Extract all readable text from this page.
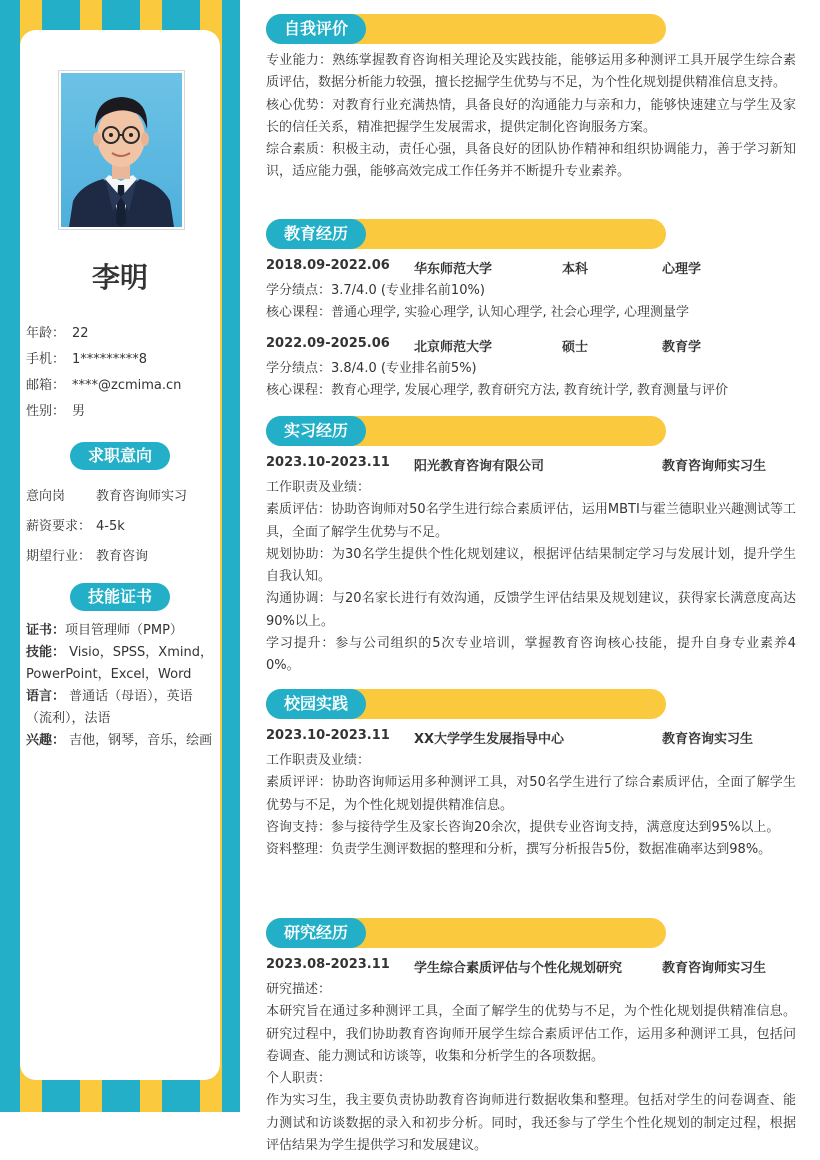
李明
年龄： 22
手机： 1*********8
邮箱： ****@zcmima.cn
性别： 男
求职意向
意向岗 教育咨询师实习
薪资要求： 4-5k
期望行业： 教育咨询
技能证书
证书：项目管理师（PMP）
技能： Visio，SPSS，Xmind，PowerPoint，Excel，Word
语言： 普通话（母语），英语（流利），法语
兴趣： 吉他，钢琴，音乐，绘画
自我评价

专业能力：熟练掌握教育咨询相关理论及实践技能，能够运用多种测评工具开展学生综合素质评估，数据分析能力较强，擅长挖掘学生优势与不足，为个性化规划提供精准信息支持。

核心优势：对教育行业充满热情，具备良好的沟通能力与亲和力，能够快速建立与学生及家长的信任关系，精准把握学生发展需求，提供定制化咨询服务方案。

综合素质：积极主动，责任心强，具备良好的团队协作精神和组织协调能力，善于学习新知识，适应能力强，能够高效完成工作任务并不断提升专业素养。

教育经历
2018.09-2022.06 华东师范大学	本科	心理学

学分绩点：3.7/4.0 (专业排名前10%)

核心课程：普通心理学, 实验心理学, 认知心理学, 社会心理学, 心理测量学

2022.09-2025.06 北京师范大学	硕士	教育学

学分绩点：3.8/4.0 (专业排名前5%)

核心课程：教育心理学, 发展心理学, 教育研究方法, 教育统计学, 教育测量与评价

实习经历
2023.10-2023.11 阳光教育咨询有限公司	教育咨询师实习生

工作职责及业绩：

素质评估：协助咨询师对50名学生进行综合素质评估，运用MBTI与霍兰德职业兴趣测试等工具，全面了解学生优势与不足。

规划协助：为30名学生提供个性化规划建议，根据评估结果制定学习与发展计划，提升学生自我认知。

沟通协调：与20名家长进行有效沟通，反馈学生评估结果及规划建议，获得家长满意度高达90%以上。

学习提升：参与公司组织的5次专业培训，掌握教育咨询核心技能，提升自身专业素养40%。

校园实践
2023.10-2023.11 XX大学学生发展指导中心	教育咨询实习生

工作职责及业绩：

素质评评：协助咨询师运用多种测评工具，对50名学生进行了综合素质评估，全面了解学生优势与不足，为个性化规划提供精准信息。

咨询支持：参与接待学生及家长咨询20余次，提供专业咨询支持，满意度达到95%以上。

资料整理：负责学生测评数据的整理和分析，撰写分析报告5份，数据准确率达到98%。

研究经历
2023.08-2023.11 学生综合素质评估与个性化规划研究	教育咨询师实习生

研究描述：

本研究旨在通过多种测评工具，全面了解学生的优势与不足，为个性化规划提供精准信息。研究过程中，我们协助教育咨询师开展学生综合素质评估工作，运用多种测评工具，包括问卷调查、能力测试和访谈等，收集和分析学生的各项数据。

个人职责：

作为实习生，我主要负责协助教育咨询师进行数据收集和整理。包括对学生的问卷调查、能力测试和访谈数据的录入和初步分析。同时，我还参与了学生个性化规划的制定过程，根据评估结果为学生提供学习和发展建议。
